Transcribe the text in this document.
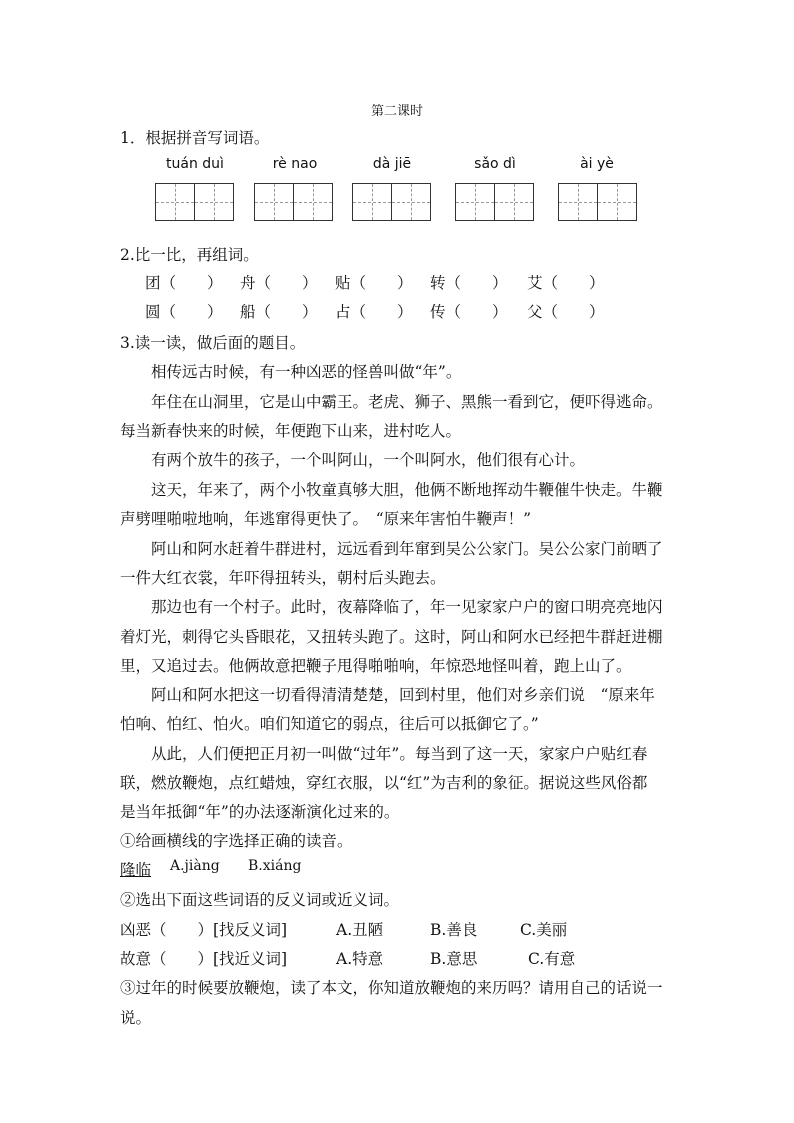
第二课时
1．根据拼音写词语。
tuán duì	rè nao	dà jiē	sǎo dì	ài yè
2.比一比，再组词。
团（　　） 舟（　　） 贴（　　） 转（　　） 艾（　　）
圆（　　） 船（　　） 占（　　） 传（　　） 父（　　）
3.读一读，做后面的题目。
相传远古时候，有一种凶恶的怪兽叫做“年”。
年住在山洞里，它是山中霸王。老虎、狮子、黑熊一看到它，便吓得逃命。
每当新春快来的时候，年便跑下山来，进村吃人。
有两个放牛的孩子，一个叫阿山，一个叫阿水，他们很有心计。
这天，年来了，两个小牧童真够大胆，他俩不断地挥动牛鞭催牛快走。牛鞭
声劈哩啪啦地响，年逃窜得更快了。　“原来年害怕牛鞭声！”
阿山和阿水赶着牛群进村，远远看到年窜到吴公公家门。吴公公家门前晒了
一件大红衣裳，年吓得扭转头，朝村后头跑去。
那边也有一个村子。此时，夜幕降临了，年一见家家户户的窗口明亮亮地闪
着灯光，刺得它头昏眼花，又扭转头跑了。这时，阿山和阿水已经把牛群赶进棚
里，又追过去。他俩故意把鞭子甩得啪啪响，年惊恐地怪叫着，跑上山了。
阿山和阿水把这一切看得清清楚楚，回到村里，他们对乡亲们说　“原来年
怕响、怕红、怕火。咱们知道它的弱点，往后可以抵御它了。”
从此，人们便把正月初一叫做“过年”。每当到了这一天，家家户户贴红春
联，燃放鞭炮，点红蜡烛，穿红衣服，以“红”为吉利的象征。据说这些风俗都
是当年抵御“年”的办法逐渐演化过来的。
①给画横线的字选择正确的读音。
隆临 A.jiàng B.xiáng
②选出下面这些词语的反义词或近义词。
凶恶（　　）[找反义词]	A.丑陋	B.善良	C.美丽
故意（　　）[找近义词]	A.特意	B.意思	C.有意
③过年的时候要放鞭炮，读了本文，你知道放鞭炮的来历吗？请用自己的话说一
说。
